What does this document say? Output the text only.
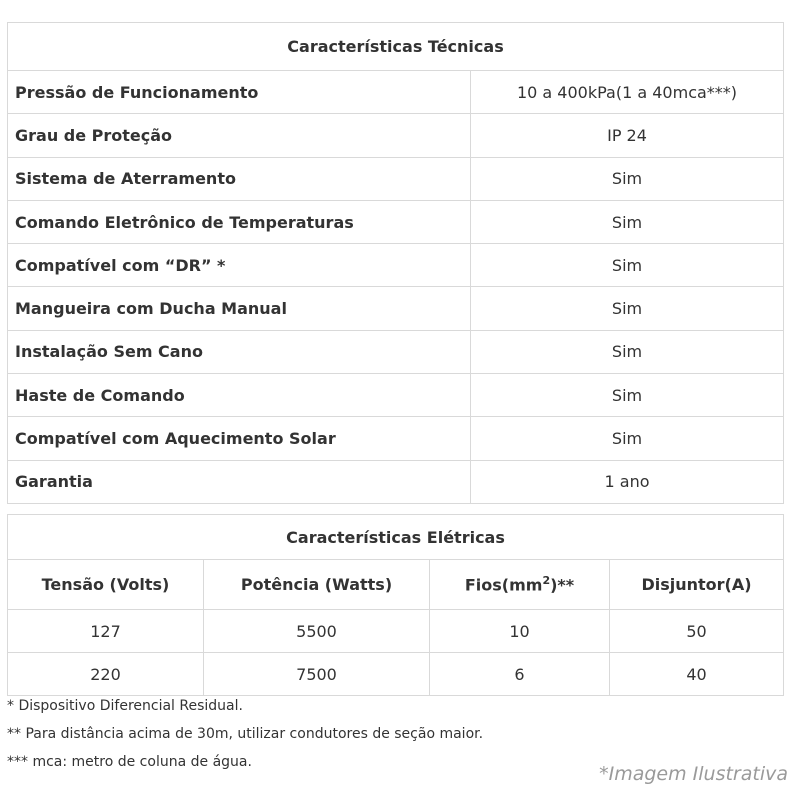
Características Técnicas	
Pressão de Funcionamento	10 a 400kPa(1 a 40mca***)
Grau de Proteção	IP 24
Sistema de Aterramento	Sim
Comando Eletrônico de Temperaturas	Sim
Compatível com “DR” *	Sim
Mangueira com Ducha Manual	Sim
Instalação Sem Cano	Sim
Haste de Comando	Sim
Compatível com Aquecimento Solar	Sim
Garantia	1 ano
Características Elétricas			
Tensão (Volts)	Potência (Watts)	$Fios(mm^2)**$	Disjuntor(A)
127	5500	10	50
220	7500	6	40
* Dispositivo Diferencial Residual.
** Para distância acima de 30m, utilizar condutores de seção maior.
*** mca: metro de coluna de água.
*Imagem Ilustrativa
